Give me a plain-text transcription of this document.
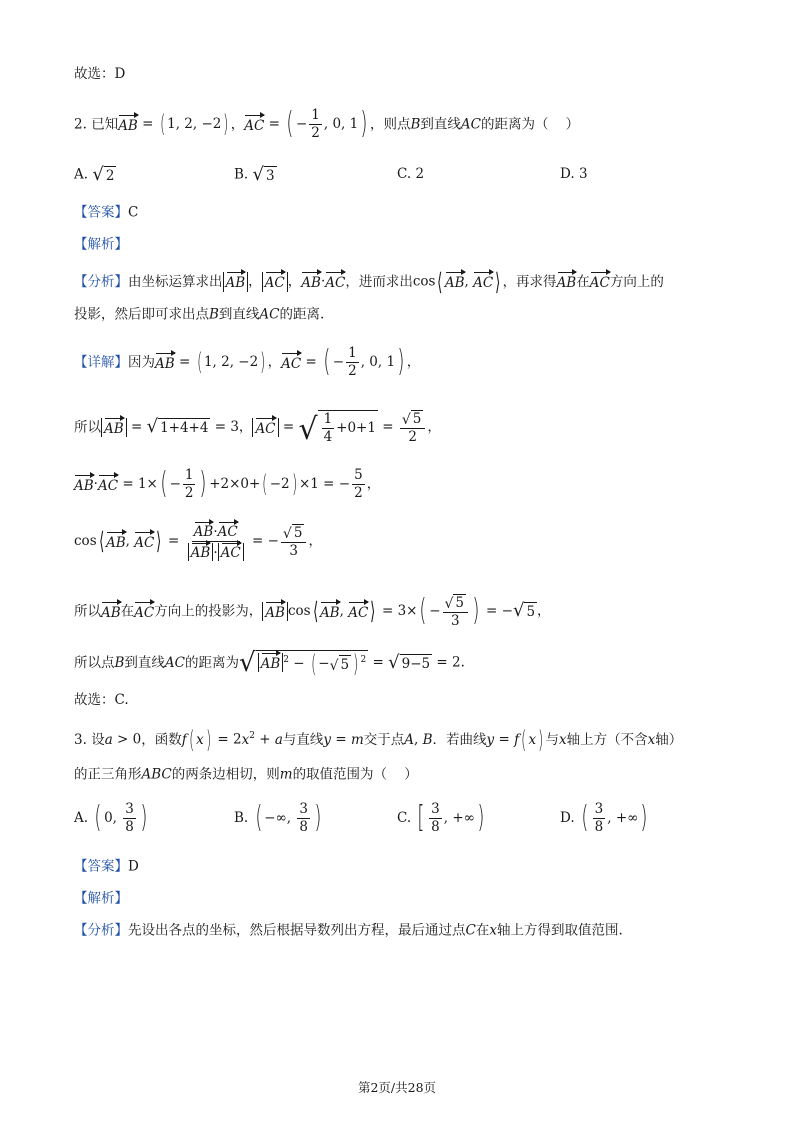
故选：D
2. 已知AB = ( 1, 2, −2) ，AC = ( − $\frac{1}{2}$ , 0, 1) ，则点B到直线AC的距离为（ ）
A. √ 2	B. √ 3	C. 2	D. 3
【答案】C
【解析】
【分析】由坐标运算求出 AB ， AC ，AB·AC，进而求出cos⟨ AB, AC⟩ ，再求得AB在AC方向上的
投影，然后即可求出点B到直线AC的距离.
【详解】因为AB = ( 1, 2, −2) ，AC = ( − $\frac{1}{2}$ , 0, 1) ，
所以 AB = √ 1+4+4 = 3， AC = √ $\frac{1}{4} +0+1 = \frac{√ 5}{2}$ ，
$AB\cdot AC = 1\times( - \frac{1}{2}$ ) +2×0+( −2) ×1 = − $\frac{5}{2}$ ，
cos⟨ AB, AC⟩ = $\frac{AB\cdot AC}{AB \cdot AC}$ = − $\frac{√ 5}{3}$ ，
所以AB在AC方向上的投影为， AB cos⟨ AB, AC⟩ = $3\times( - \frac{√ 5}{3}$ ) = − √ 5 ，
所以点B到直线AC的距离为 √ AB $^2$ − ( − √ 5 ) $^2$ = √ 9−5 = 2.
故选：C.
3. 设a > 0，函数f( $x) = 2x^2 + a$与直线y = m交于点A, B．若曲线y = f( x) 与x轴上方（不含x轴）
的正三角形ABC的两条边相切，则m的取值范围为（ ）
A. ( 0, $\frac{3}{8}$ )	B. ( −∞, $\frac{3}{8}$ )	C. [ $\frac{3}{8}$ , +∞)	D. ( $\frac{3}{8}$ , +∞)
【答案】D
【解析】
【分析】先设出各点的坐标，然后根据导数列出方程，最后通过点C在x轴上方得到取值范围.
第2页/共28页
